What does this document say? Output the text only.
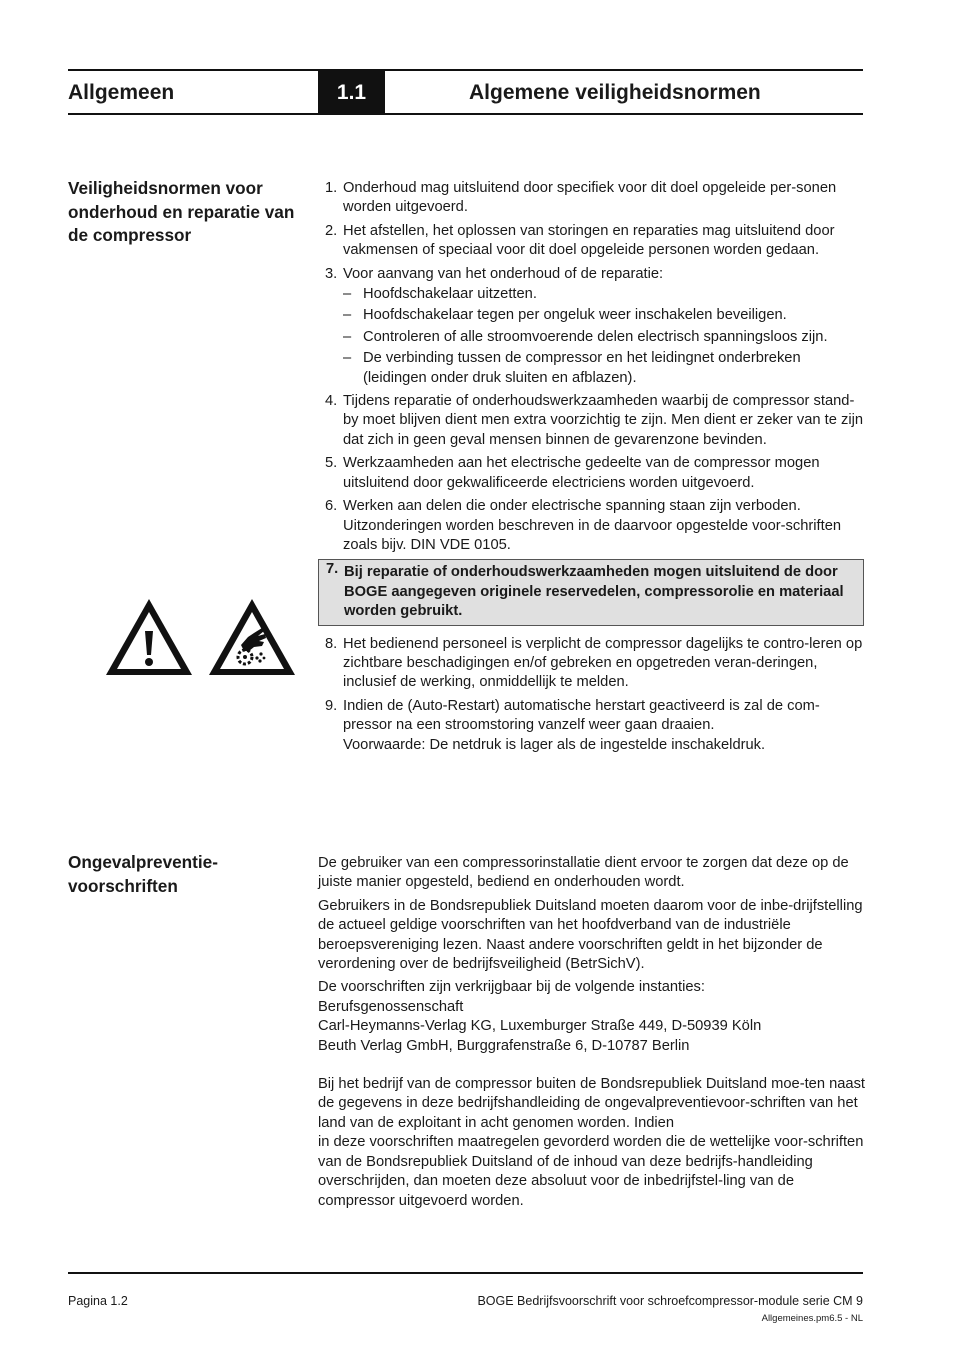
Allgemeen	1.1	Algemene veiligheidsnormen
Veiligheidsnormen voor onderhoud en reparatie van de compressor
1. Onderhoud mag uitsluitend door specifiek voor dit doel opgeleide per-sonen worden uitgevoerd.
2. Het afstellen, het oplossen van storingen en reparaties mag uitsluitend door vakmensen of speciaal voor dit doel opgeleide personen worden gedaan.
3. Voor aanvang van het onderhoud of de reparatie:
– Hoofdschakelaar uitzetten.
– Hoofdschakelaar tegen per ongeluk weer inschakelen beveiligen.
– Controleren of alle stroomvoerende delen electrisch spanningsloos zijn.
– De verbinding tussen de compressor en het leidingnet onderbreken (leidingen onder druk sluiten en afblazen).
4. Tijdens reparatie of onderhoudswerkzaamheden waarbij de compressor stand-by moet blijven dient men extra voorzichtig te zijn. Men dient er zeker van te zijn dat zich in geen geval mensen binnen de gevarenzone bevinden.
5. Werkzaamheden aan het electrische gedeelte van de compressor mogen uitsluitend door gekwalificeerde electriciens worden uitgevoerd.
6. Werken aan delen die onder electrische spanning staan zijn verboden. Uitzonderingen worden beschreven in de daarvoor opgestelde voor-schriften zoals bijv. DIN VDE 0105.
7. Bij reparatie of onderhoudswerkzaamheden mogen uitsluitend de door BOGE aangegeven originele reservedelen, compressorolie en materiaal worden gebruikt.
8. Het bedienend personeel is verplicht de compressor dagelijks te contro-leren op zichtbare beschadigingen en/of gebreken en opgetreden veran-deringen, inclusief de werking, onmiddellijk te melden.
9. Indien de (Auto-Restart) automatische herstart geactiveerd is zal de com-pressor na een stroomstoring vanzelf weer gaan draaien.
Voorwaarde: De netdruk is lager als de ingestelde inschakeldruk.
Ongevalpreventie-voorschriften

De gebruiker van een compressorinstallatie dient ervoor te zorgen dat deze op de juiste manier opgesteld, bediend en onderhouden wordt.

Gebruikers in de Bondsrepubliek Duitsland moeten daarom voor de inbe-drijfstelling de actueel geldige voorschriften van het hoofdverband van de industriële beroepsvereniging lezen. Naast andere voorschriften geldt in het bijzonder de verordening over de bedrijfsveiligheid (BetrSichV).

De voorschriften zijn verkrijgbaar bij de volgende instanties:
Berufsgenossenschaft
Carl-Heymanns-Verlag KG, Luxemburger Straße 449, D-50939 Köln
Beuth Verlag GmbH, Burggrafenstraße 6, D-10787 Berlin

Bij het bedrijf van de compressor buiten de Bondsrepubliek Duitsland moe-ten naast de gegevens in deze bedrijfshandleiding de ongevalpreventievoor-schriften van het land van de exploitant in acht genomen worden. Indien
in deze voorschriften maatregelen gevorderd worden die de wettelijke voor-schriften van de Bondsrepubliek Duitsland of de inhoud van deze bedrijfs-handleiding overschrijden, dan moeten deze absoluut voor de inbedrijfstel-ling van de compressor uitgevoerd worden.

Pagina 1.2	BOGE Bedrijfsvoorschrift voor schroefcompressor-module serie CM 9
Allgemeines.pm6.5 - NL
